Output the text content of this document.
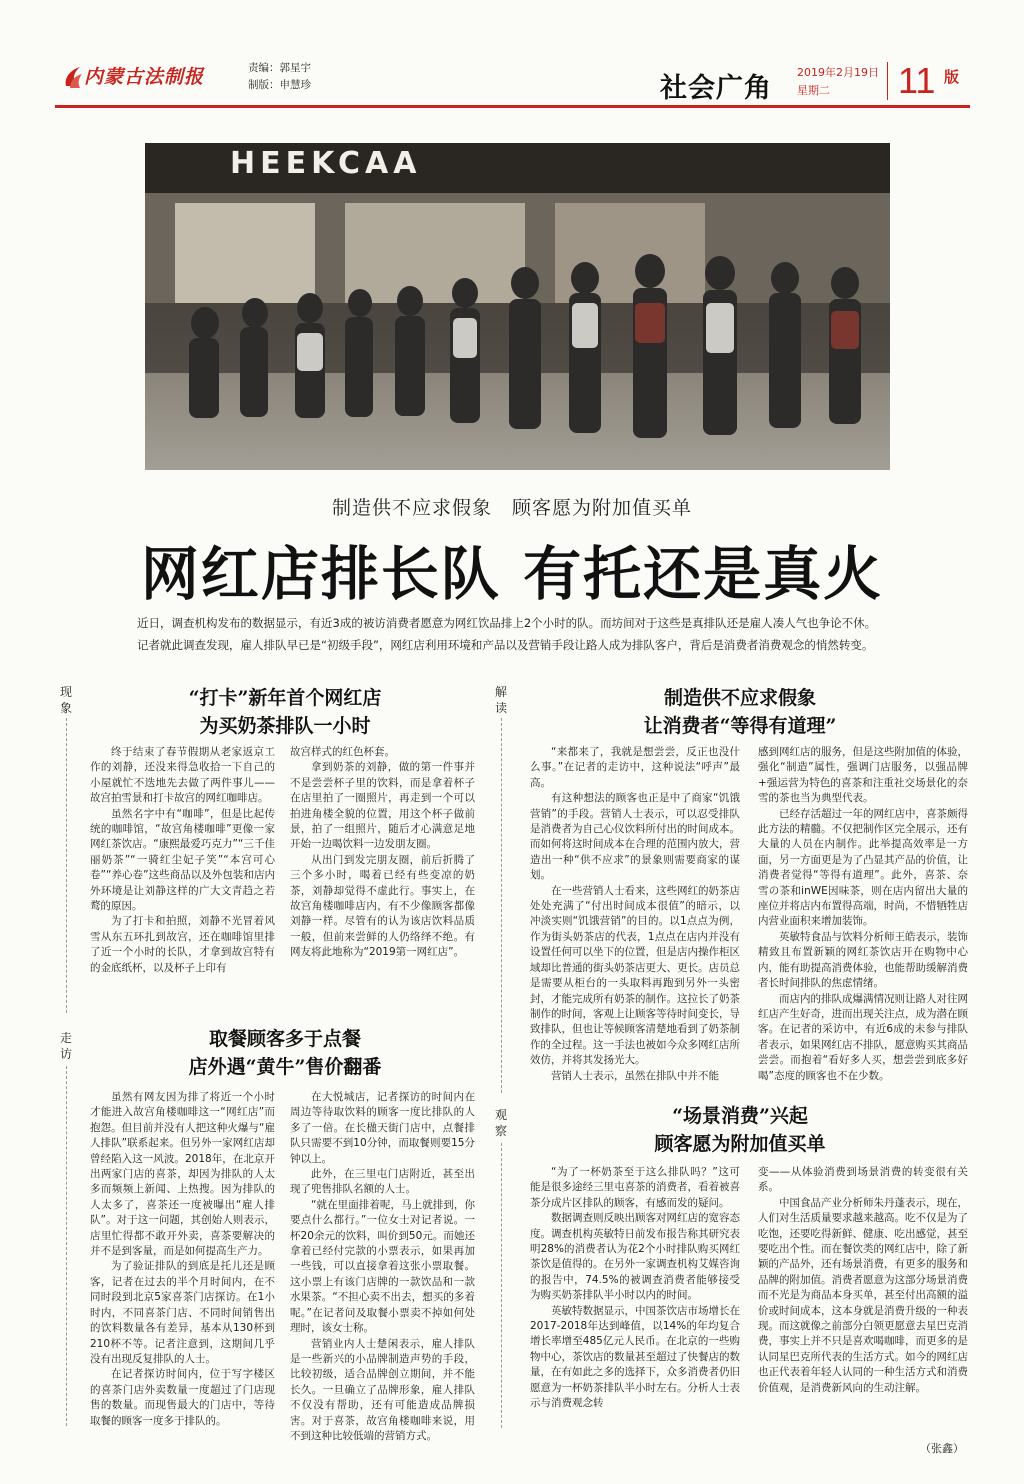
内蒙古法制报	责编：郭星宇
制版：申慧珍	社会广角
2019年2月19日
星期二	11 版
HEEKCAA
制造供不应求假象　顾客愿为附加值买单
网红店排长队 有托还是真火

近日，调查机构发布的数据显示，有近3成的被访消费者愿意为网红饮品排上2个小时的队。而坊间对于这些是真排队还是雇人凑人气也争论不休。

记者就此调查发现，雇人排队早已是“初级手段”，网红店利用环境和产品以及营销手段让路人成为排队客户，背后是消费者消费观念的悄然转变。

现象
走访
解读
观察
“打卡”新年首个网红店
为买奶茶排队一小时

终于结束了春节假期从老家返京工作的刘静，还没来得急收拾一下自己的小屋就忙不迭地先去做了两件事儿——故宫拍雪景和打卡故宫的网红咖啡店。

虽然名字中有“咖啡”，但是比起传统的咖啡馆，“故宫角楼咖啡”更像一家网红茶饮店。“康熙最爱巧克力”“三千佳丽奶茶”“一骑红尘妃子笑”“本宫可心卷”“养心卷”这些商品以及外包装和店内外环境是让刘静这样的广大文青趋之若鹜的原因。

为了打卡和拍照，刘静不光冒着风雪从东五环扎到故宫，还在咖啡馆里排了近一个小时的长队，才拿到故宫特有的金底纸杯，以及杯子上印有

故宫样式的红色杯套。

拿到奶茶的刘静，做的第一件事并不是尝尝杯子里的饮料，而是拿着杯子在店里拍了一圈照片，再走到一个可以拍进角楼全貌的位置，用这个杯子做前景，拍了一组照片，随后才心满意足地开始一边喝饮料一边发朋友圈。

从出门到发完朋友圈，前后折腾了三个多小时，喝着已经有些变凉的奶茶，刘静却觉得不虚此行。事实上，在故宫角楼咖啡店内，有不少像顾客都像刘静一样。尽管有的认为该店饮料品质一般，但前来尝鲜的人仍络绎不绝。有网友将此地称为“2019第一网红店”。

取餐顾客多于点餐
店外遇“黄牛”售价翻番

虽然有网友因为排了将近一个小时才能进入故宫角楼咖啡这一“网红店”而抱怨。但目前并没有人把这种火爆与“雇人排队”联系起来。但另外一家网红店却曾经陷入这一风波。2018年，在北京开出两家门店的喜茶，却因为排队的人太多而频频上新闻、上热搜。因为排队的人太多了，喜茶还一度被曝出“雇人排队”。对于这一问题，其创始人则表示，店里忙得都不敢开外卖，喜茶要解决的并不是到客量，而是如何提高生产力。

为了验证排队的到底是托儿还是顾客，记者在过去的半个月时间内，在不同时段到北京5家喜茶门店探访。在1小时内，不同喜茶门店、不同时间销售出的饮料数量各有差异，基本从130杯到210杯不等。记者注意到，这期间几乎没有出现反复排队的人士。

在记者探访时间内，位于写字楼区的喜茶门店外卖数量一度超过了门店现售的数量。而现售最大的门店中，等待取餐的顾客一度多于排队的。

在大悦城店，记者探访的时间内在周边等待取饮料的顾客一度比排队的人多了一倍。在长楹天街门店中，点餐排队只需要不到10分钟，而取餐则要15分钟以上。

此外，在三里屯门店附近，甚至出现了兜售排队名额的人士。

“就在里面排着呢，马上就排到，你要点什么都行。”一位女士对记者说。一杯20余元的饮料，叫价到50元。而她还拿着已经付完款的小票表示，如果再加一些钱，可以直接拿着这张小票取餐。这小票上有该门店牌的一款饮品和一款水果茶。“不担心卖不出去，想买的多着呢。”在记者问及取餐小票卖不掉如何处理时，该女士称。

营销业内人士楚闲表示，雇人排队是一些新兴的小品牌制造声势的手段，比较初级，适合品牌创立期间，并不能长久。一旦确立了品牌形象，雇人排队不仅没有帮助，还有可能造成品牌损害。对于喜茶，故宫角楼咖啡来说，用不到这种比较低端的营销方式。

制造供不应求假象
让消费者“等得有道理”

“来都来了，我就是想尝尝，反正也没什么事。”在记者的走访中，这种说法“呼声”最高。

有这种想法的顾客也正是中了商家“饥饿营销”的手段。营销人士表示，可以忍受排队是消费者为自己心仪饮料所付出的时间成本。而如何将这时间成本在合理的范围内放大，营造出一种“供不应求”的景象则需要商家的谋划。

在一些营销人士看来，这些网红的奶茶店处处充满了“付出时间成本很值”的暗示，以冲淡实则“饥饿营销”的目的。以1点点为例，作为街头奶茶店的代表，1点点在店内并没有设置任何可以坐下的位置，但是店内操作柜区域却比普通的街头奶茶店更大、更长。店员总是需要从柜台的一头取料再跑到另外一头密封，才能完成所有奶茶的制作。这拉长了奶茶制作的时间，客观上让顾客等待时间变长，导致排队，但也让等候顾客清楚地看到了奶茶制作的全过程。这一手法也被如今众多网红店所效仿，并将其发扬光大。

营销人士表示，虽然在排队中并不能

感到网红店的服务，但是这些附加值的体验，强化“制造”属性，强调门店服务，以强品牌+强运营为特色的喜茶和注重社交场景化的奈雪的茶也当为典型代表。

已经存活超过一年的网红店中，喜茶颇得此方法的精髓。不仅把制作区完全展示，还有大量的人员在内制作。此举提高效率是一方面，另一方面更是为了凸显其产品的价值，让消费者觉得“等得有道理”。此外，喜茶、奈雪の茶和inWE因味茶，则在店内留出大量的座位并将店内布置得高端，时尚，不惜牺牲店内营业面积来增加装饰。

英敏特食品与饮料分析师王皓表示，装饰精致且布置新颖的网红茶饮店开在购物中心内，能有助提高消费体验，也能帮助缓解消费者长时间排队的焦虑情绪。

而店内的排队成爆满情况则让路人对往网红店产生好奇，进而出现关注点，成为潜在顾客。在记者的采访中，有近6成的未参与排队者表示，如果网红店不排队，愿意购买其商品尝尝。而抱着“看好多人买，想尝尝到底多好喝”态度的顾客也不在少数。

“场景消费”兴起
顾客愿为附加值买单

“为了一杯奶茶至于这么排队吗？”这可能是很多途经三里屯喜茶的消费者，看着被喜茶分成片区排队的顾客，有感而发的疑问。

数据调查则反映出顾客对网红店的宽容态度。调查机构英敏特日前发布报告称其研究表明28%的消费者认为花2个小时排队购买网红茶饮是值得的。在另外一家调查机构艾媒咨询的报告中，74.5%的被调查消费者能够接受为购买奶茶排队半小时以内的时间。

英敏特数据显示，中国茶饮店市场增长在2017-2018年达到峰值，以14%的年均复合增长率增至485亿元人民币。在北京的一些购物中心，茶饮店的数量甚至超过了快餐店的数量，在有如此之多的选择下，众多消费者仍旧愿意为一杯奶茶排队半小时左右。分析人士表示与消费观念转

变——从体验消费到场景消费的转变很有关系。

中国食品产业分析师朱丹蓬表示，现在，人们对生活质量要求越来越高。吃不仅是为了吃饱，还要吃得新鲜、健康、吃出感觉，甚至要吃出个性。而在餐饮类的网红店中，除了新颖的产品外，还有场景消费，有更多的服务和品牌的附加值。消费者愿意为这部分场景消费而不光是为商品本身买单，甚至付出高额的溢价或时间成本，这本身就是消费升级的一种表现。而这就像之前部分白领更愿意去星巴克消费，事实上并不只是喜欢喝咖啡，而更多的是认同星巴克所代表的生活方式。如今的网红店也正代表着年轻人认同的一种生活方式和消费价值观，是消费新风向的生动注解。

（张鑫）
